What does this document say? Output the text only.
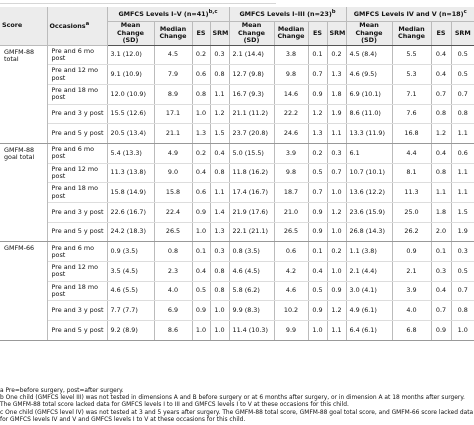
…………………………………………………………………………………………………………………………
Score	Occasions$^a$	GMFCS Levels I–V (n=41)$^{b,c}$				GMFCS Levels I–III (n=23)$^b$				GMFCS Levels IV and V (n=18)$^c$
		Mean Change (SD)	Median Change	ES	SRM	Mean Change (SD)	Median Change	ES	SRM	Mean Change (SD)	Median Change	ES	SRM
GMFM-88 total	Pre and 6 mo post	3.1 (12.0)	4.5	0.2	0.3	2.1 (14.4)	3.8	0.1	0.2	4.5 (8.4)	5.5	0.4	0.5
	Pre and 12 mo post	9.1 (10.9)	7.9	0.6	0.8	12.7 (9.8)	9.8	0.7	1.3	4.6 (9.5)	5.3	0.4	0.5
	Pre and 18 mo post	12.0 (10.9)	8.9	0.8	1.1	16.7 (9.3)	14.6	0.9	1.8	6.9 (10.1)	7.1	0.7	0.7
	Pre and 3 y post	15.5 (12.6)	17.1	1.0	1.2	21.1 (11.2)	22.2	1.2	1.9	8.6 (11.0)	7.6	0.8	0.8
	Pre and 5 y post	20.5 (13.4)	21.1	1.3	1.5	23.7 (20.8)	24.6	1.3	1.1	13.3 (11.9)	16.8	1.2	1.1
GMFM-88 goal total	Pre and 6 mo post	5.4 (13.3)	4.9	0.2	0.4	5.0 (15.5)	3.9	0.2	0.3	6.1	4.4	0.4	0.6
	Pre and 12 mo post	11.3 (13.8)	9.0	0.4	0.8	11.8 (16.2)	9.8	0.5	0.7	10.7 (10.1)	8.1	0.8	1.1
	Pre and 18 mo post	15.8 (14.9)	15.8	0.6	1.1	17.4 (16.7)	18.7	0.7	1.0	13.6 (12.2)	11.3	1.1	1.1
	Pre and 3 y post	22.6 (16.7)	22.4	0.9	1.4	21.9 (17.6)	21.0	0.9	1.2	23.6 (15.9)	25.0	1.8	1.5
	Pre and 5 y post	24.2 (18.3)	26.5	1.0	1.3	22.1 (21.1)	26.5	0.9	1.0	26.8 (14.3)	26.2	2.0	1.9
GMFM-66	Pre and 6 mo post	0.9 (3.5)	0.8	0.1	0.3	0.8 (3.5)	0.6	0.1	0.2	1.1 (3.8)	0.9	0.1	0.3
	Pre and 12 mo post	3.5 (4.5)	2.3	0.4	0.8	4.6 (4.5)	4.2	0.4	1.0	2.1 (4.4)	2.1	0.3	0.5
	Pre and 18 mo post	4.6 (5.5)	4.0	0.5	0.8	5.8 (6.2)	4.6	0.5	0.9	3.0 (4.1)	3.9	0.4	0.7
	Pre and 3 y post	7.7 (7.7)	6.9	0.9	1.0	9.9 (8.3)	10.2	0.9	1.2	4.9 (6.1)	4.0	0.7	0.8
	Pre and 5 y post	9.2 (8.9)	8.6	1.0	1.0	11.4 (10.3)	9.9	1.0	1.1	6.4 (6.1)	6.8	0.9	1.0

a Pre=before surgery, post=after surgery.

b One child (GMFCS level III) was not tested in dimensions A and B before surgery or at 6 months after surgery, or in dimension A at 18 months after surgery. The GMFM-88 total score lacked data for GMFCS levels I to III and GMFCS levels I to V at these occasions for this child.

c One child (GMFCS level IV) was not tested at 3 and 5 years after surgery. The GMFM-88 total score, GMFM-88 goal total score, and GMFM-66 score lacked data for GMFCS levels IV and V and GMFCS levels I to V at these occasions for this child.
